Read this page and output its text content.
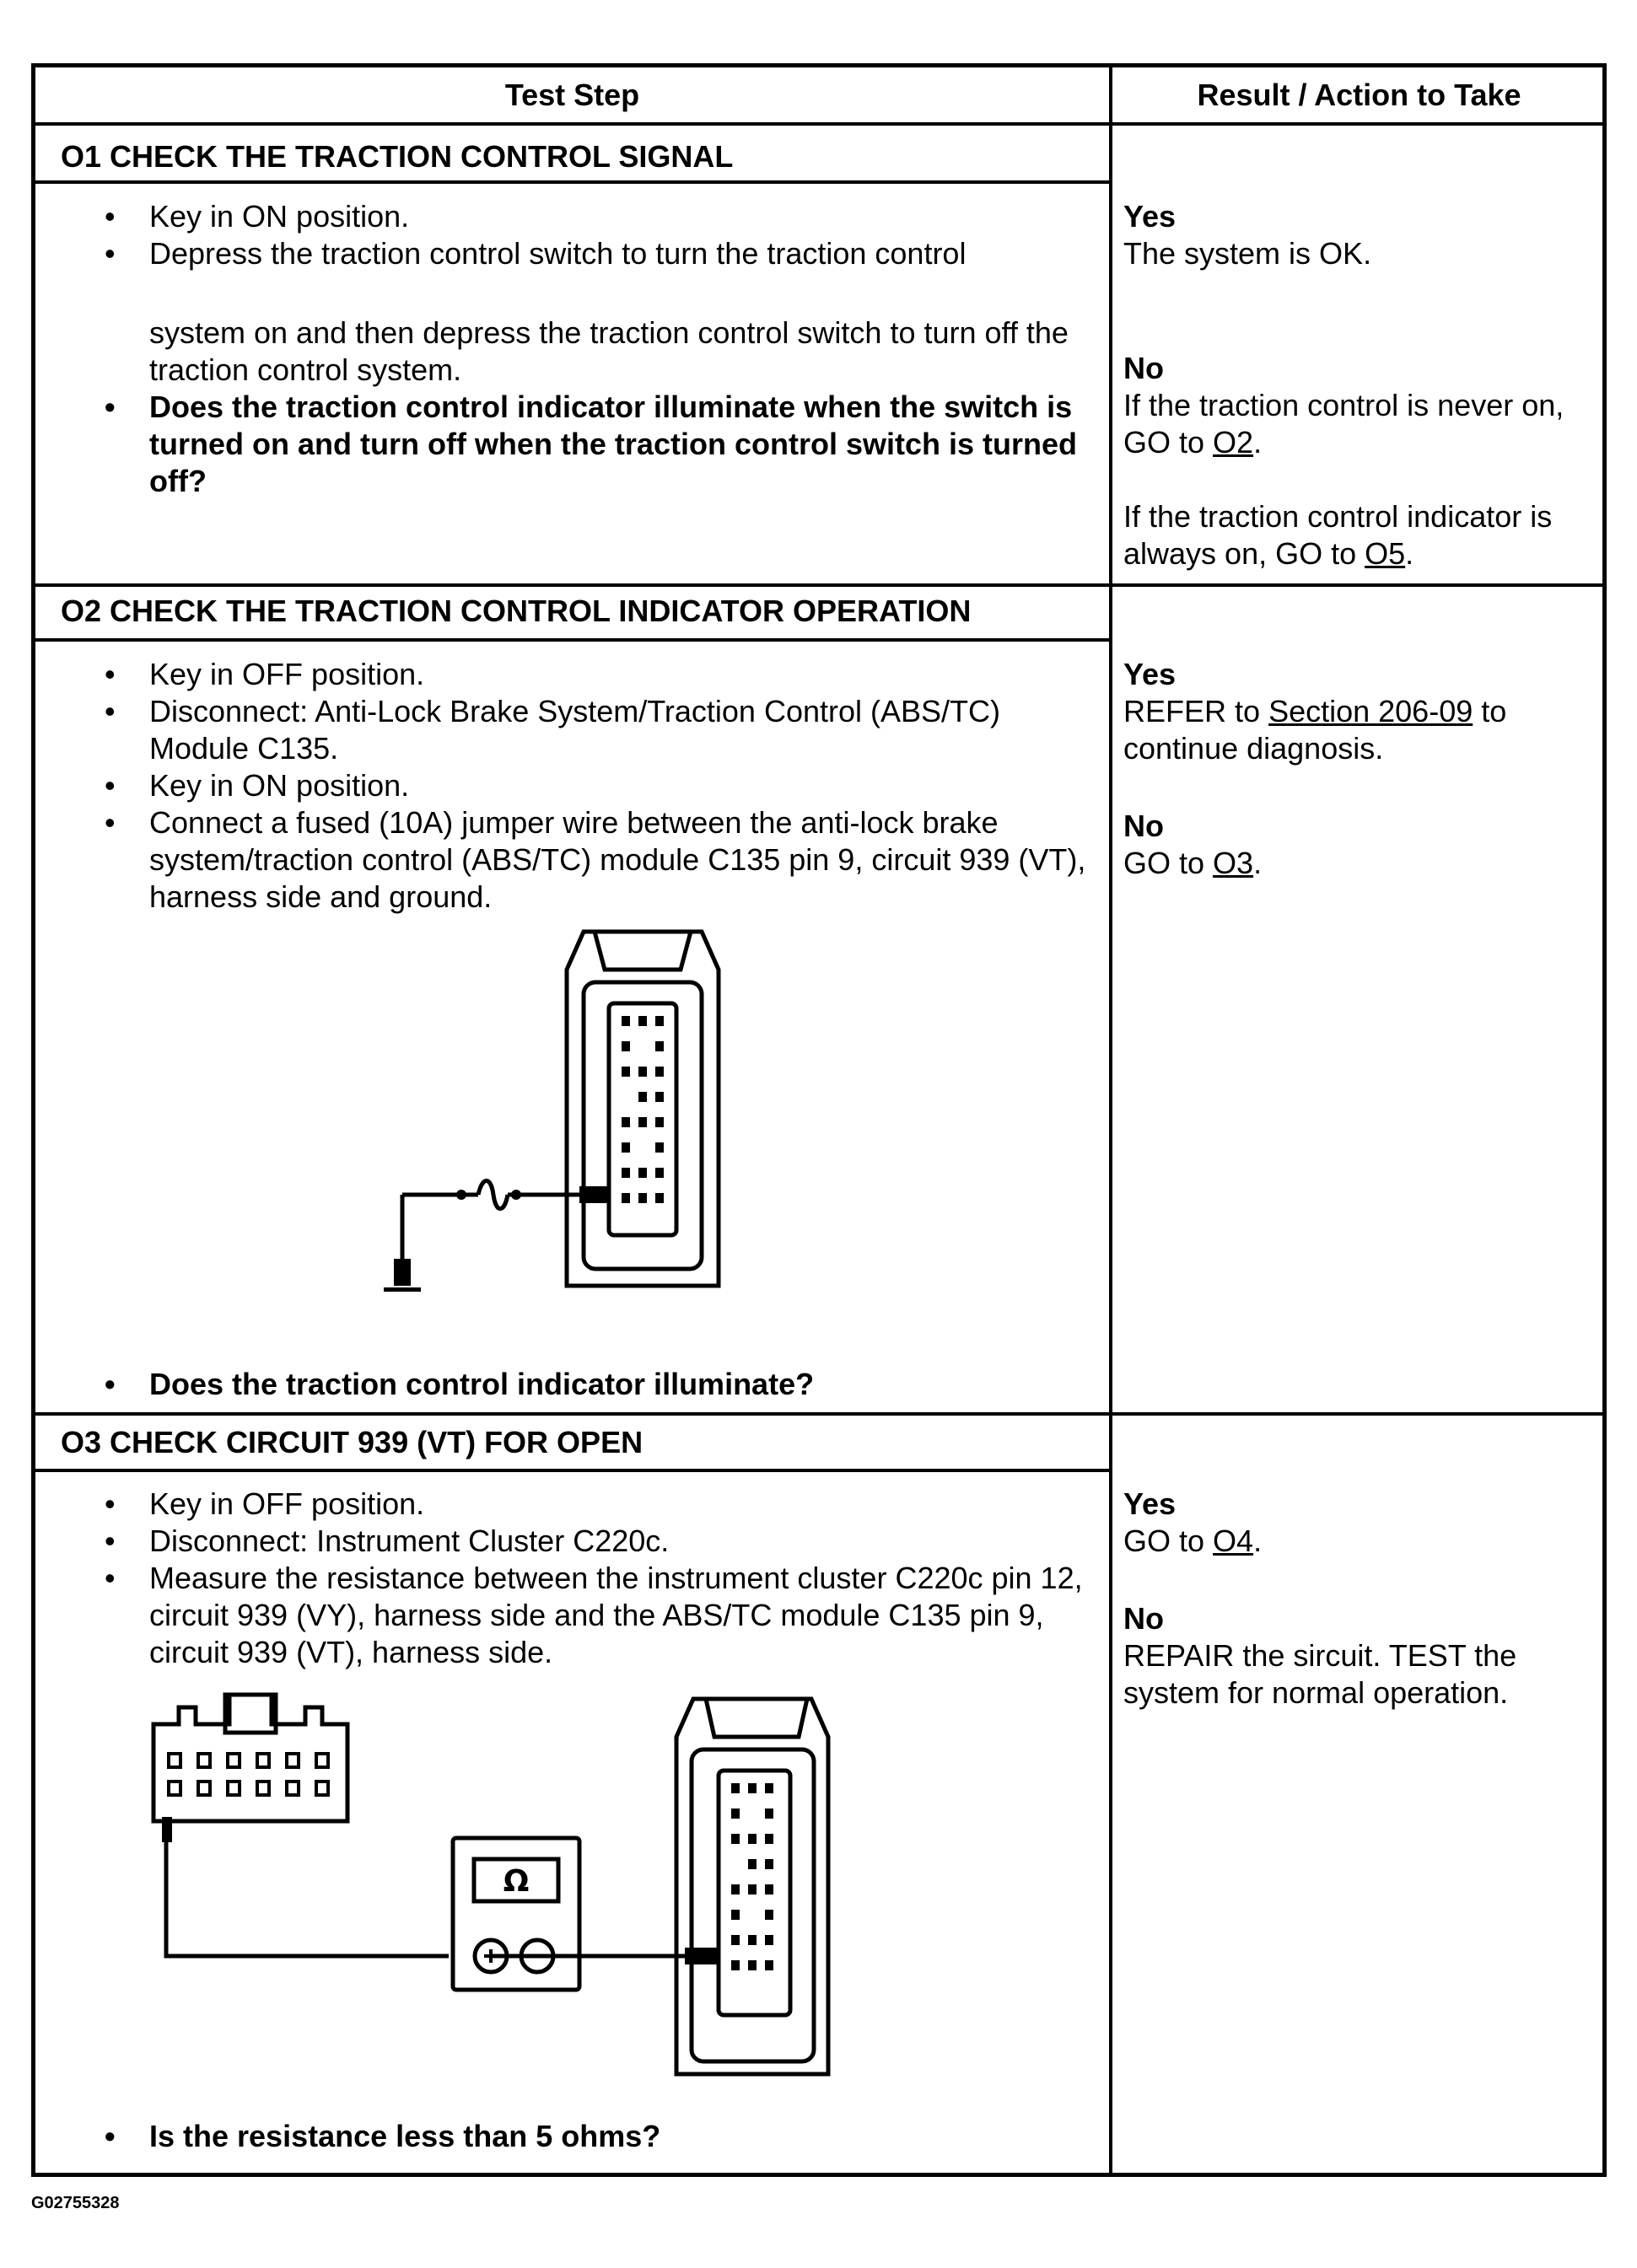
Test Step	Result / Action to Take
O1 CHECK THE TRACTION CONTROL SIGNAL
• Key in ON position.
• Depress the traction control switch to turn the traction control
system on and then depress the traction control switch to turn off the traction control system.
• Does the traction control indicator illuminate when the switch is turned on and turn off when the traction control switch is turned off?
Yes
The system is OK.
No
If the traction control is never on, GO to O2.
If the traction control indicator is always on, GO to O5.
O2 CHECK THE TRACTION CONTROL INDICATOR OPERATION
• Key in OFF position.
• Disconnect: Anti-Lock Brake System/Traction Control (ABS/TC) Module C135.
• Key in ON position.
• Connect a fused (10A) jumper wire between the anti-lock brake system/traction control (ABS/TC) module C135 pin 9, circuit 939 (VT), harness side and ground.
• Does the traction control indicator illuminate?
Yes
REFER to Section 206-09 to continue diagnosis.
No
GO to O3.
O3 CHECK CIRCUIT 939 (VT) FOR OPEN
• Key in OFF position.
• Disconnect: Instrument Cluster C220c.
• Measure the resistance between the instrument cluster C220c pin 12, circuit 939 (VY), harness side and the ABS/TC module C135 pin 9, circuit 939 (VT), harness side.
Ω
• Is the resistance less than 5 ohms?
Yes
GO to O4.
No
REPAIR the sircuit. TEST the system for normal operation.
G02755328
